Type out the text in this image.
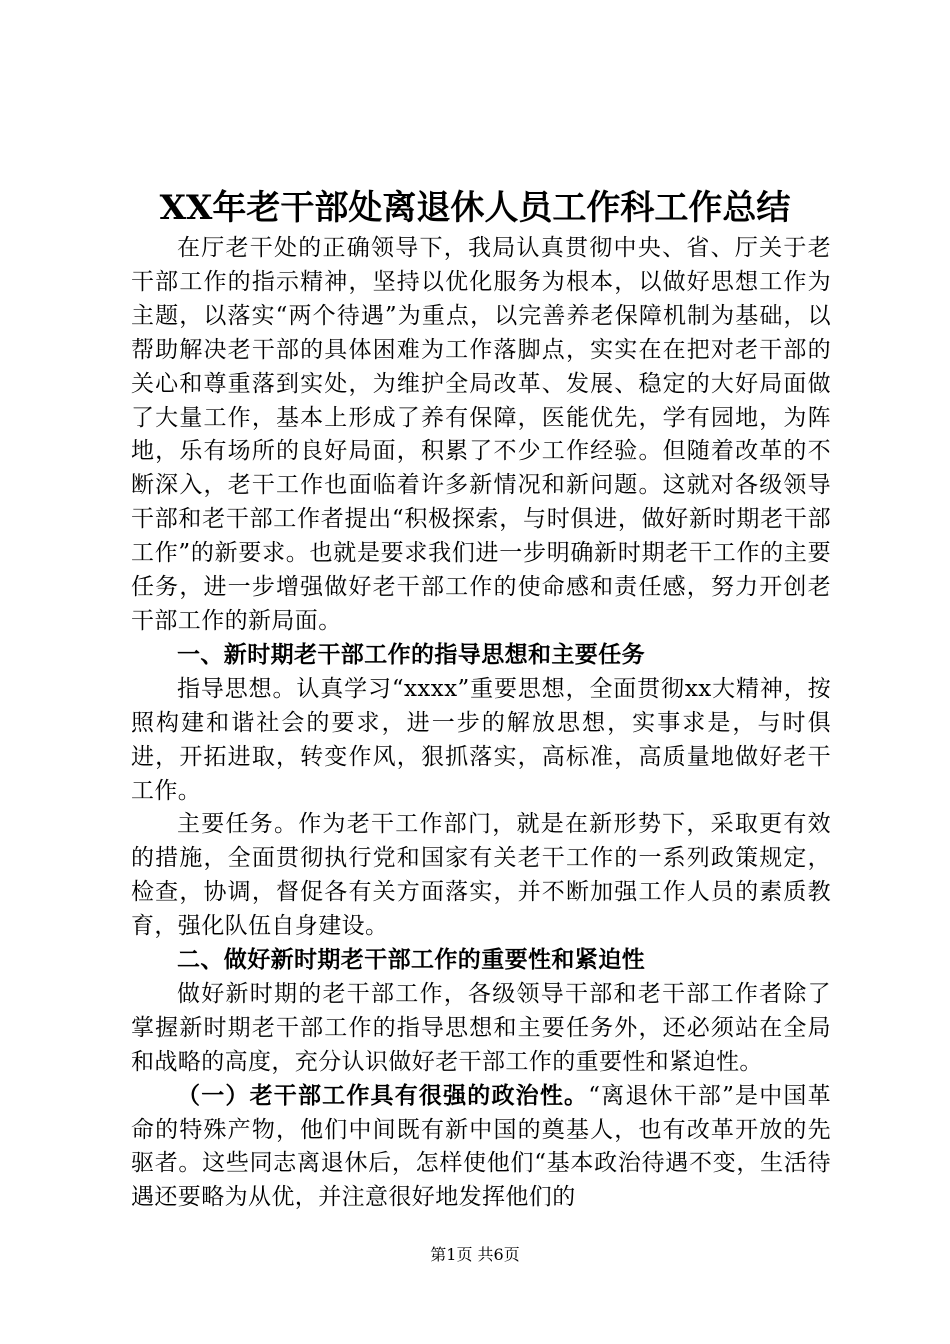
XX年老干部处离退休人员工作科工作总结

在厅老干处的正确领导下，我局认真贯彻中央、省、厅关于老干部工作的指示精神，坚持以优化服务为根本，以做好思想工作为主题，以落实“两个待遇”为重点，以完善养老保障机制为基础，以帮助解决老干部的具体困难为工作落脚点，实实在在把对老干部的关心和尊重落到实处，为维护全局改革、发展、稳定的大好局面做了大量工作，基本上形成了养有保障，医能优先，学有园地，为阵地，乐有场所的良好局面，积累了不少工作经验。但随着改革的不断深入，老干工作也面临着许多新情况和新问题。这就对各级领导干部和老干部工作者提出“积极探索，与时俱进，做好新时期老干部工作”的新要求。也就是要求我们进一步明确新时期老干工作的主要任务，进一步增强做好老干部工作的使命感和责任感，努力开创老干部工作的新局面。

一、新时期老干部工作的指导思想和主要任务

指导思想。认真学习“xxxx”重要思想，全面贯彻xx大精神，按照构建和谐社会的要求，进一步的解放思想，实事求是，与时俱进，开拓进取，转变作风，狠抓落实，高标准，高质量地做好老干工作。

主要任务。作为老干工作部门，就是在新形势下，采取更有效的措施，全面贯彻执行党和国家有关老干工作的一系列政策规定，检查，协调，督促各有关方面落实，并不断加强工作人员的素质教育，强化队伍自身建设。

二、做好新时期老干部工作的重要性和紧迫性

做好新时期的老干部工作，各级领导干部和老干部工作者除了掌握新时期老干部工作的指导思想和主要任务外，还必须站在全局和战略的高度，充分认识做好老干部工作的重要性和紧迫性。

（一）老干部工作具有很强的政治性。“离退休干部”是中国革命的特殊产物，他们中间既有新中国的奠基人，也有改革开放的先驱者。这些同志离退休后，怎样使他们“基本政治待遇不变，生活待遇还要略为从优，并注意很好地发挥他们的

第1页 共6页
